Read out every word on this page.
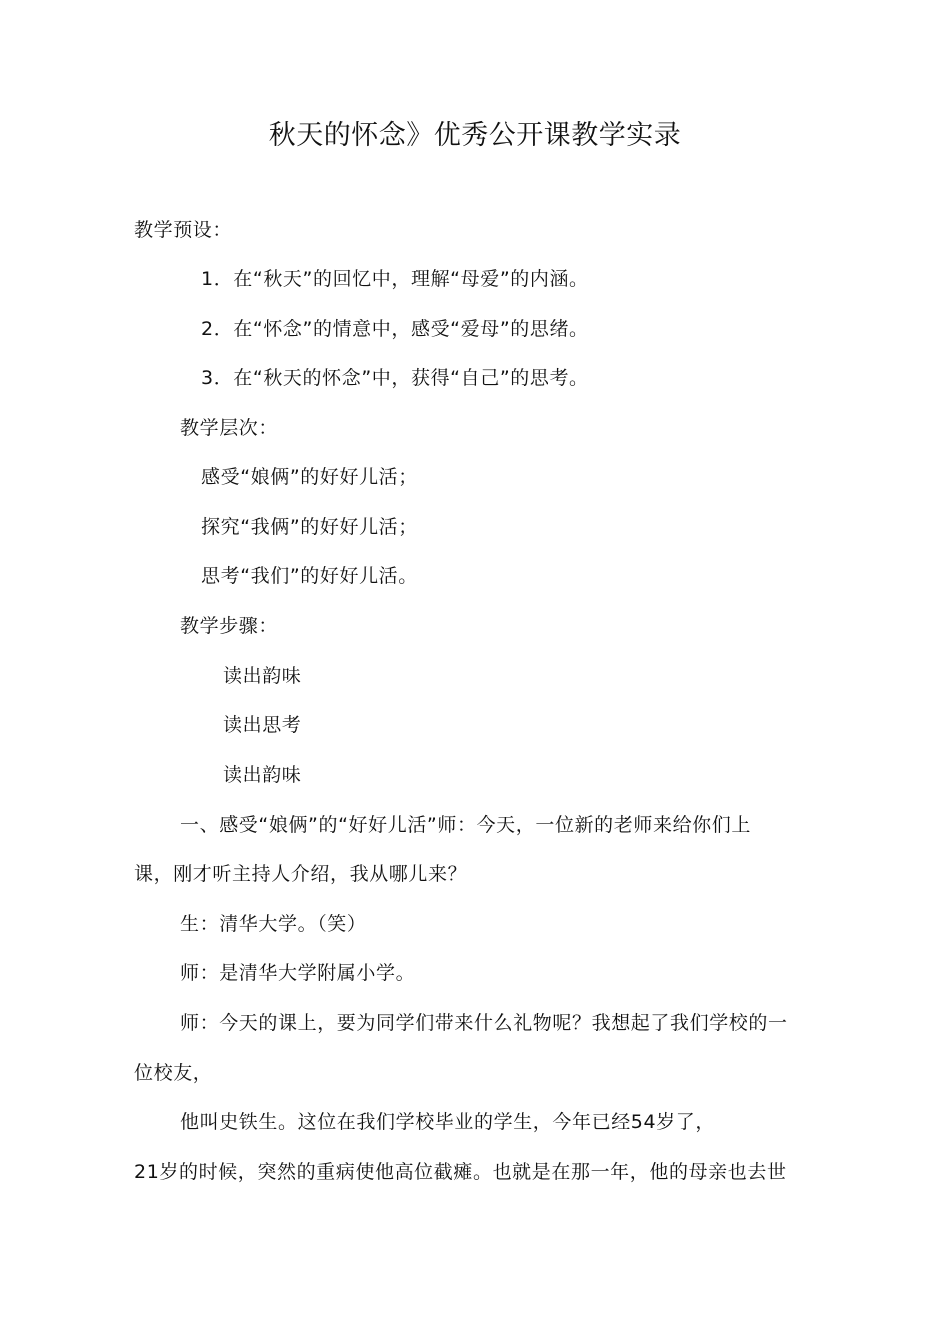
秋天的怀念》优秀公开课教学实录
教学预设：
1．在“秋天”的回忆中，理解“母爱”的内涵。
2．在“怀念”的情意中，感受“爱母”的思绪。
3．在“秋天的怀念”中，获得“自己”的思考。
教学层次：
感受“娘俩”的好好儿活；
探究“我俩”的好好儿活；
思考“我们”的好好儿活。
教学步骤：
读出韵味
读出思考
读出韵味
一、感受“娘俩”的“好好儿活”师：今天，一位新的老师来给你们上
课，刚才听主持人介绍，我从哪儿来？
生：清华大学。（笑）
师：是清华大学附属小学。
师：今天的课上，要为同学们带来什么礼物呢？我想起了我们学校的一
位校友，
他叫史铁生。这位在我们学校毕业的学生，今年已经54岁了，
21岁的时候，突然的重病使他高位截瘫。也就是在那一年，他的母亲也去世
